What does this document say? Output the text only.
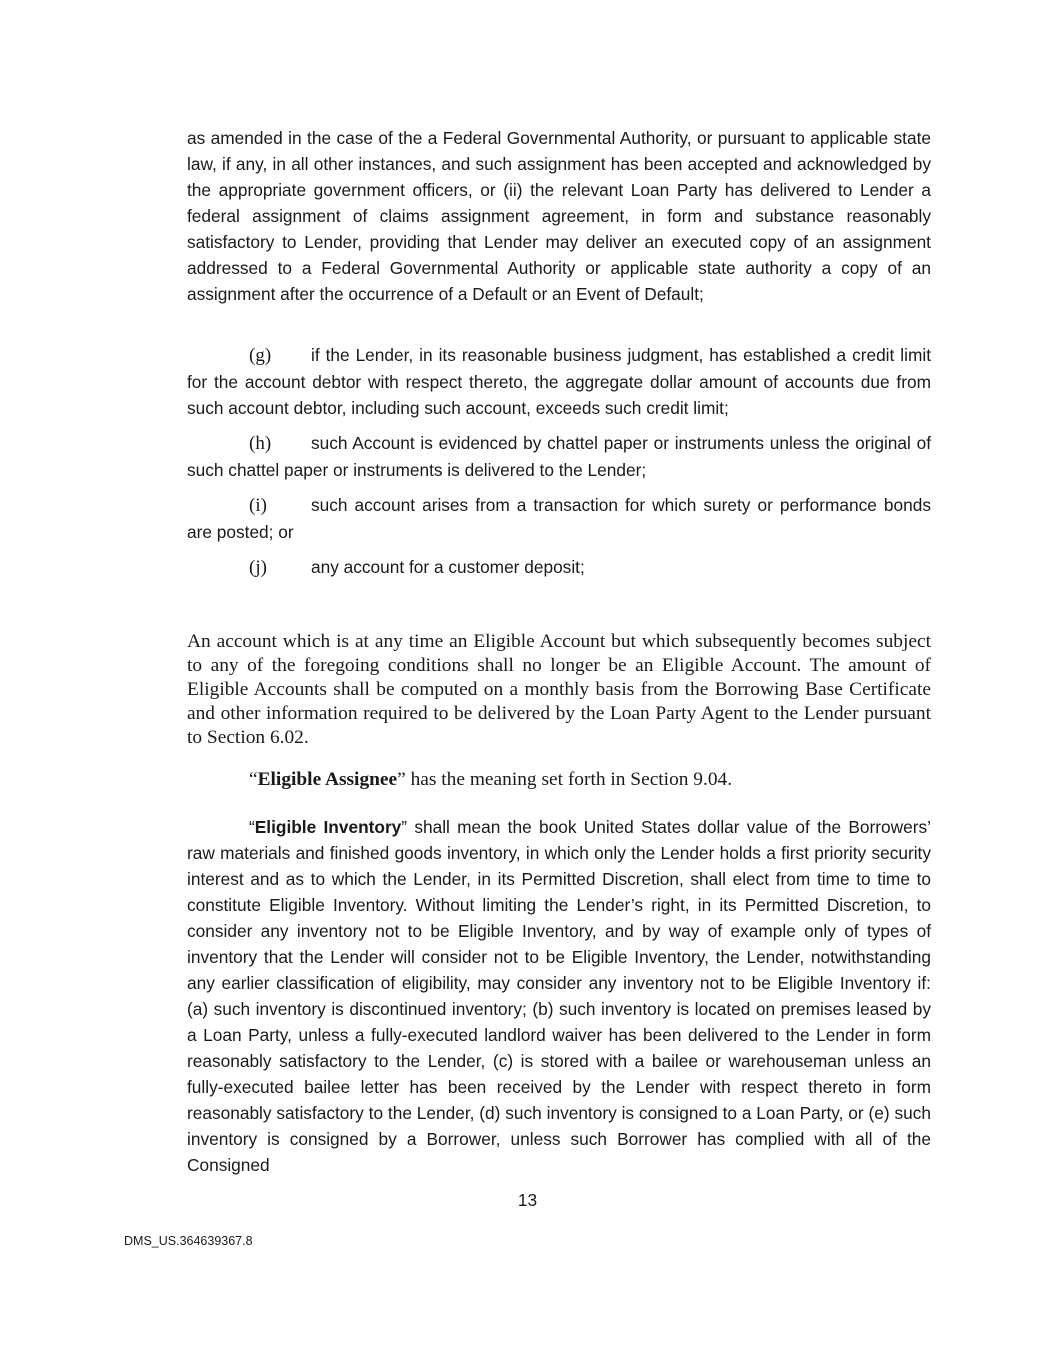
as amended in the case of the a Federal Governmental Authority, or pursuant to applicable state law, if any, in all other instances, and such assignment has been accepted and acknowledged by the appropriate government officers, or (ii) the relevant Loan Party has delivered to Lender a federal assignment of claims assignment agreement, in form and substance reasonably satisfactory to Lender, providing that Lender may deliver an executed copy of an assignment addressed to a Federal Governmental Authority or applicable state authority a copy of an assignment after the occurrence of a Default or an Event of Default;

(g) if the Lender, in its reasonable business judgment, has established a credit limit for the account debtor with respect thereto, the aggregate dollar amount of accounts due from such account debtor, including such account, exceeds such credit limit;

(h) such Account is evidenced by chattel paper or instruments unless the original of such chattel paper or instruments is delivered to the Lender;

(i)	such account arises from a transaction for which surety or performance bonds are posted; or

(j)	any account for a customer deposit;

An account which is at any time an Eligible Account but which subsequently becomes subject to any of the foregoing conditions shall no longer be an Eligible Account. The amount of Eligible Accounts shall be computed on a monthly basis from the Borrowing Base Certificate and other information required to be delivered by the Loan Party Agent to the Lender pursuant to Section 6.02.

“Eligible Assignee” has the meaning set forth in Section 9.04.

“Eligible Inventory” shall mean the book United States dollar value of the Borrowers’ raw materials and finished goods inventory, in which only the Lender holds a first priority security interest and as to which the Lender, in its Permitted Discretion, shall elect from time to time to constitute Eligible Inventory. Without limiting the Lender’s right, in its Permitted Discretion, to consider any inventory not to be Eligible Inventory, and by way of example only of types of inventory that the Lender will consider not to be Eligible Inventory, the Lender, notwithstanding any earlier classification of eligibility, may consider any inventory not to be Eligible Inventory if: (a) such inventory is discontinued inventory; (b) such inventory is located on premises leased by a Loan Party, unless a fully-executed landlord waiver has been delivered to the Lender in form reasonably satisfactory to the Lender, (c) is stored with a bailee or warehouseman unless an fully-executed bailee letter has been received by the Lender with respect thereto in form reasonably satisfactory to the Lender, (d) such inventory is consigned to a Loan Party, or (e) such inventory is consigned by a Borrower, unless such Borrower has complied with all of the Consigned

13
DMS_US.364639367.8
